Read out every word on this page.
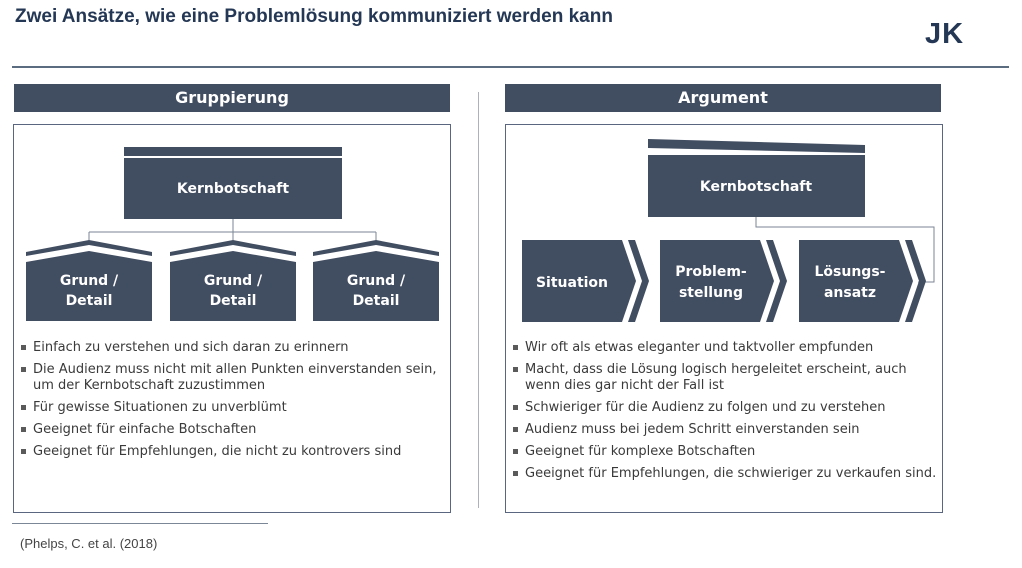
Zwei Ansätze, wie eine Problemlösung kommuniziert werden kann
JK
Gruppierung
Einfach zu verstehen und sich daran zu erinnern
Die Audienz muss nicht mit allen Punkten einverstanden sein, um der Kernbotschaft zuzustimmen
Für gewisse Situationen zu unverblümt
Geeignet für einfache Botschaften
Geeignet für Empfehlungen, die nicht zu kontrovers sind
Argument
Wir oft als etwas eleganter und taktvoller empfunden
Macht, dass die Lösung logisch hergeleitet erscheint, auch wenn dies gar nicht der Fall ist
Schwieriger für die Audienz zu folgen und zu verstehen
Audienz muss bei jedem Schritt einverstanden sein
Geeignet für komplexe Botschaften
Geeignet für Empfehlungen, die schwieriger zu verkaufen sind.
Kernbotschaft
Grund /
Detail
Grund /
Detail
Grund /
Detail
Kernbotschaft
Situation
Problem-
stellung
Lösungs-
ansatz
(Phelps, C. et al. (2018)
